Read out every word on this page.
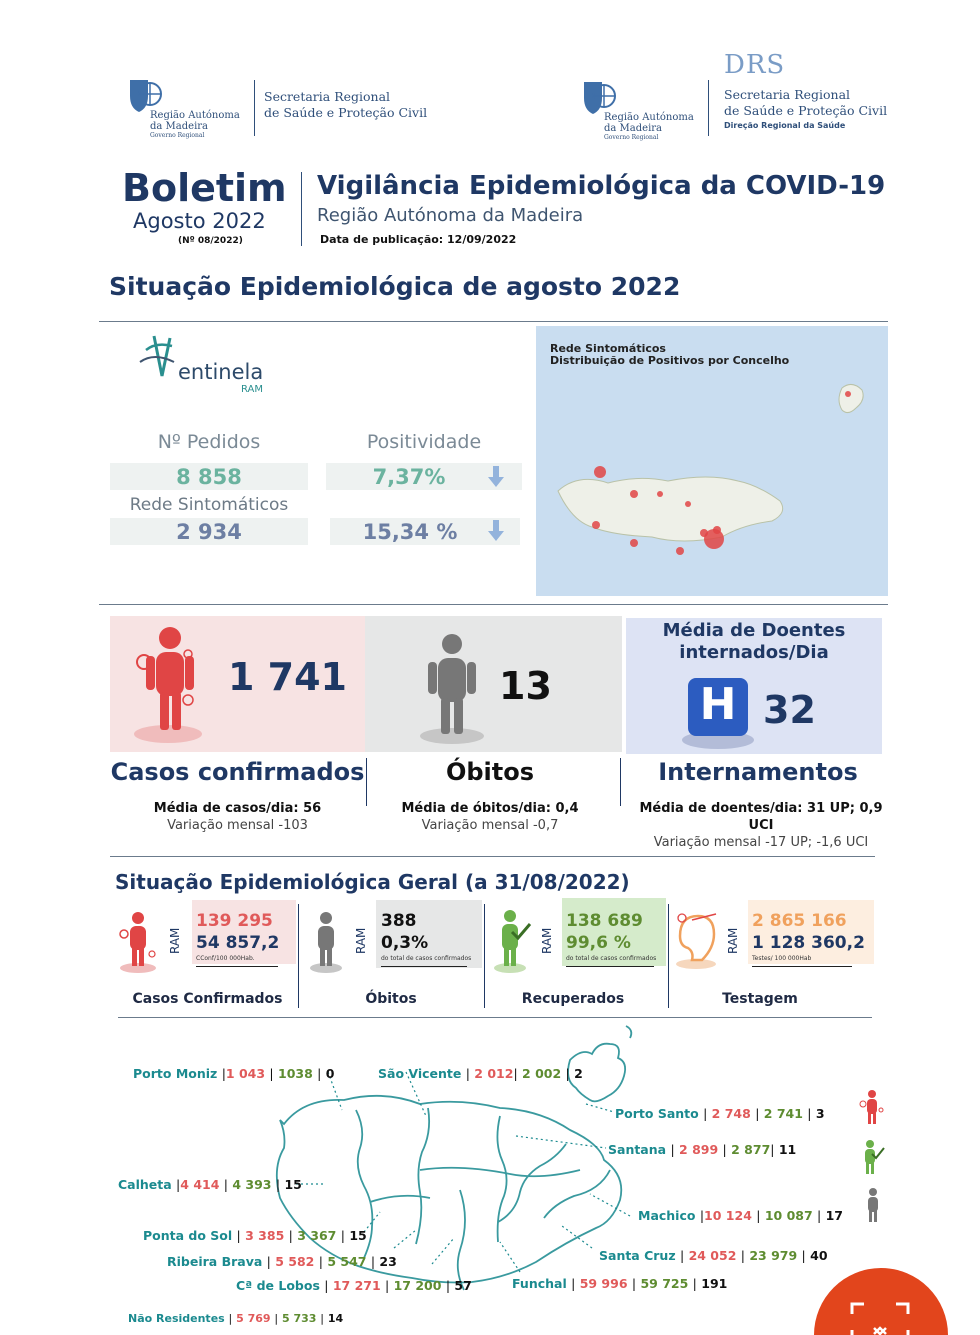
Região Autónoma
da Madeira
Governo Regional
Secretaria Regional
de Saúde e Proteção Civil	Região Autónoma
da Madeira
Governo Regional
DRS
Secretaria Regional
de Saúde e Proteção Civil
Direção Regional da Saúde
Boletim
Agosto 2022
(Nº 08/2022)
Vigilância Epidemiológica da COVID-19
Região Autónoma da Madeira
Data de publicação: 12/09/2022
Situação Epidemiológica de agosto 2022
entinela
RAM
Nº Pedidos	Positividade
8 858	7,37%
Rede Sintomáticos
2 934	15,34 %
Rede Sintomáticos
Distribuição de Positivos por Concelho
1 741	13
Média de Doentes internados/Dia
H 32
Casos confirmados	Óbitos	Internamentos
Média de casos/dia: 56
Variação mensal -103
Média de óbitos/dia: 0,4
Variação mensal -0,7
Média de doentes/dia: 31 UP; 0,9 UCI
Variação mensal -17 UP; -1,6 UCI
Situação Epidemiológica Geral (a 31/08/2022)
RAM
139 295
54 857,2
CConf/100 000Hab.
Casos Confirmados
RAM
388
0,3%
do total de casos confirmados
Óbitos
RAM
138 689
99,6 %
do total de casos confirmados
Recuperados
RAM
2 865 166
1 128 360,2
Testes/ 100 000Hab
Testagem
Porto Moniz |1 043 | 1038 | 0	São Vicente | 2 012| 2 002 | 2
Porto Santo | 2 748 | 2 741 | 3
Santana | 2 899 | 2 877| 11
Calheta |4 414 | 4 393 | 15
Machico |10 124 | 10 087 | 17
Ponta do Sol | 3 385 | 3 367 | 15
Santa Cruz | 24 052 | 23 979 | 40
Ribeira Brava | 5 582 | 5 547 | 23
Cª de Lobos | 17 271 | 17 200 | 57	Funchal | 59 996 | 59 725 | 191
Não Residentes | 5 769 | 5 733 | 14
